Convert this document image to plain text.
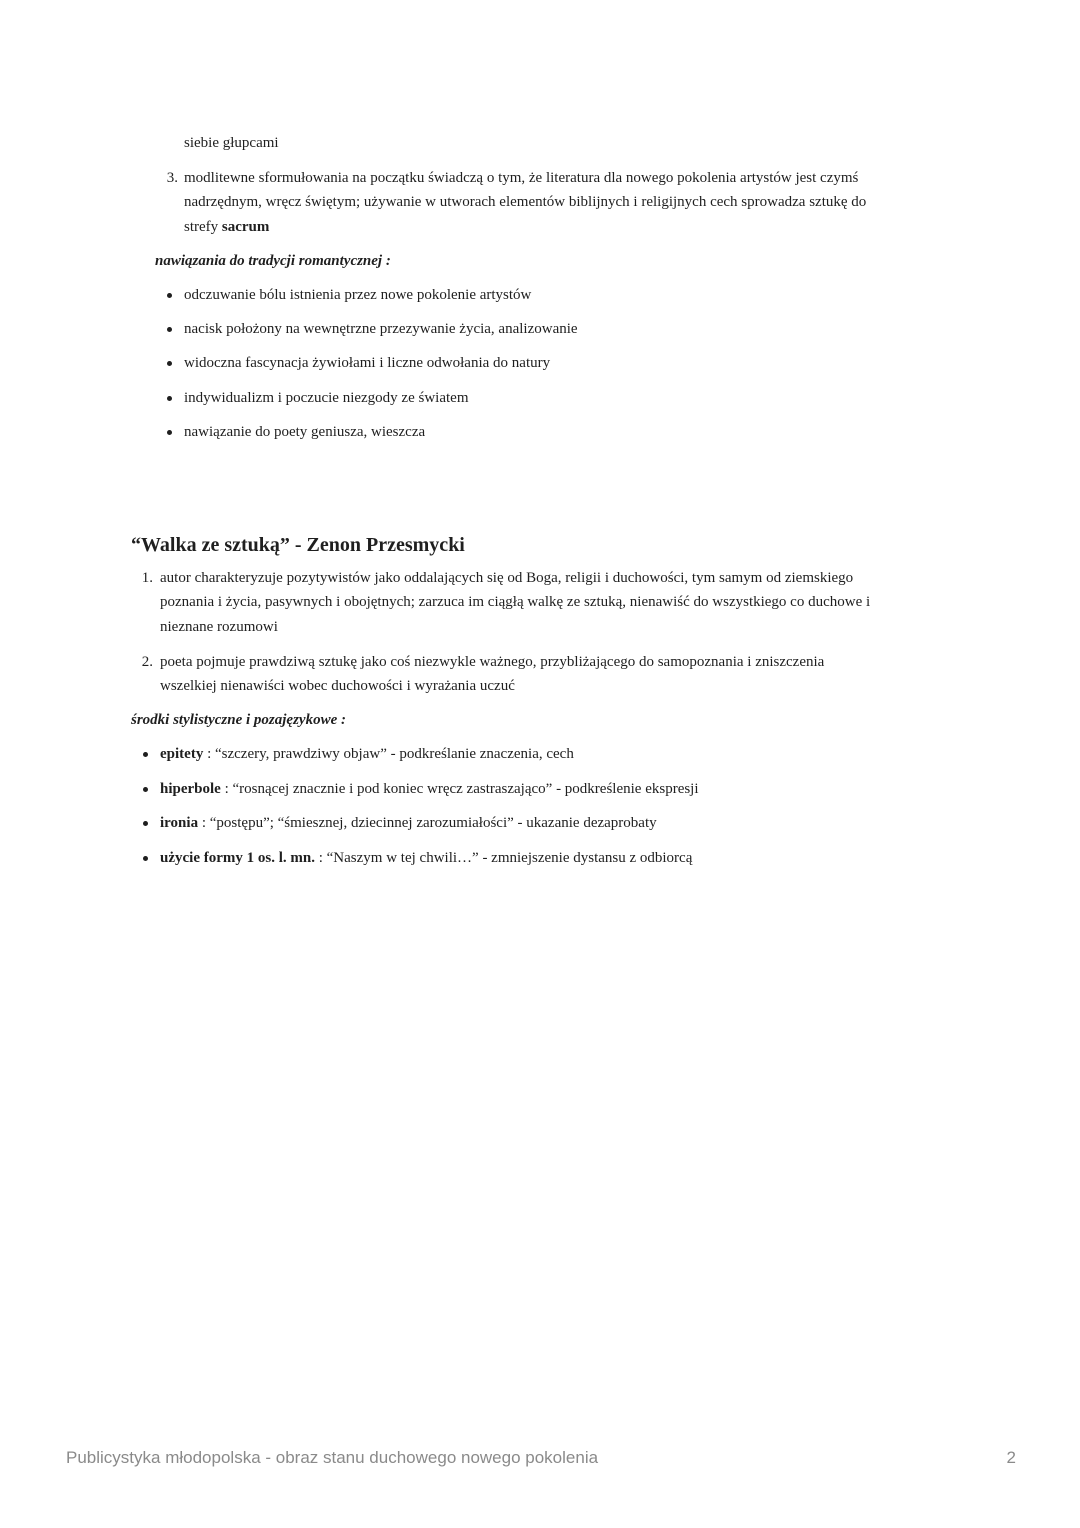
siebie głupcami
3. modlitewne sformułowania na początku świadczą o tym, że literatura dla nowego pokolenia artystów jest czymś
nadrzędnym, wręcz świętym; używanie w utworach elementów biblijnych i religijnych cech sprowadza sztukę do
strefy sacrum
nawiązania do tradycji romantycznej :
odczuwanie bólu istnienia przez nowe pokolenie artystów
nacisk położony na wewnętrzne przezywanie życia, analizowanie
widoczna fascynacja żywiołami i liczne odwołania do natury
indywidualizm i poczucie niezgody ze światem
nawiązanie do poety geniusza, wieszcza
“Walka ze sztuką” - Zenon Przesmycki
1. autor charakteryzuje pozytywistów jako oddalających się od Boga, religii i duchowości, tym samym od ziemskiego
poznania i życia, pasywnych i obojętnych; zarzuca im ciągłą walkę ze sztuką, nienawiść do wszystkiego co duchowe i
nieznane rozumowi
2. poeta pojmuje prawdziwą sztukę jako coś niezwykle ważnego, przybliżającego do samopoznania i zniszczenia
wszelkiej nienawiści wobec duchowości i wyrażania uczuć
środki stylistyczne i pozajęzykowe :
epitety : “szczery, prawdziwy objaw” - podkreślanie znaczenia, cech
hiperbole : “rosnącej znacznie i pod koniec wręcz zastraszająco” - podkreślenie ekspresji
ironia : “postępu”; “śmiesznej, dziecinnej zarozumiałości” - ukazanie dezaprobaty
użycie formy 1 os. l. mn. : “Naszym w tej chwili…” - zmniejszenie dystansu z odbiorcą
Publicystyka młodopolska - obraz stanu duchowego nowego pokolenia	2
